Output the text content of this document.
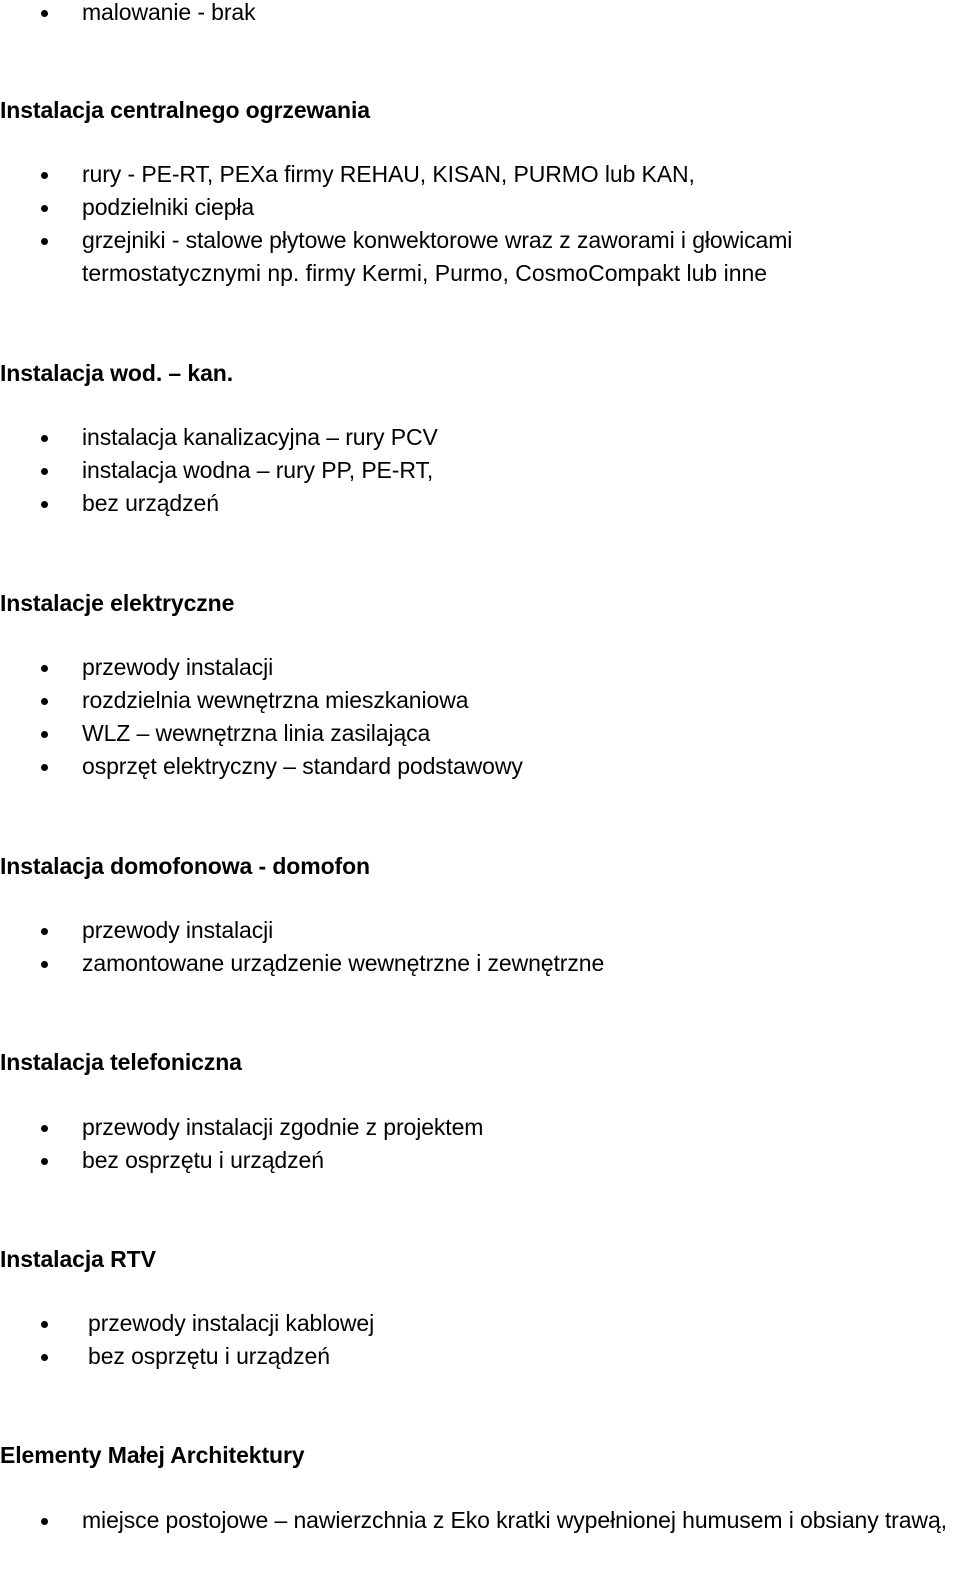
malowanie - brak
Instalacja centralnego ogrzewania
rury - PE-RT, PEXa firmy REHAU, KISAN, PURMO lub KAN,
podzielniki ciepła
grzejniki - stalowe płytowe konwektorowe wraz z zaworami i głowicami
termostatycznymi np. firmy Kermi, Purmo, CosmoCompakt lub inne
Instalacja wod. – kan.
instalacja kanalizacyjna – rury PCV
instalacja wodna – rury PP, PE-RT,
bez urządzeń
Instalacje elektryczne
przewody instalacji
rozdzielnia wewnętrzna mieszkaniowa
WLZ – wewnętrzna linia zasilająca
osprzęt elektryczny – standard podstawowy
Instalacja domofonowa - domofon
przewody instalacji
zamontowane urządzenie wewnętrzne i zewnętrzne
Instalacja telefoniczna
przewody instalacji zgodnie z projektem
bez osprzętu i urządzeń
Instalacja RTV
przewody instalacji kablowej
bez osprzętu i urządzeń
Elementy Małej Architektury
miejsce postojowe – nawierzchnia z Eko kratki wypełnionej humusem i obsiany trawą,
